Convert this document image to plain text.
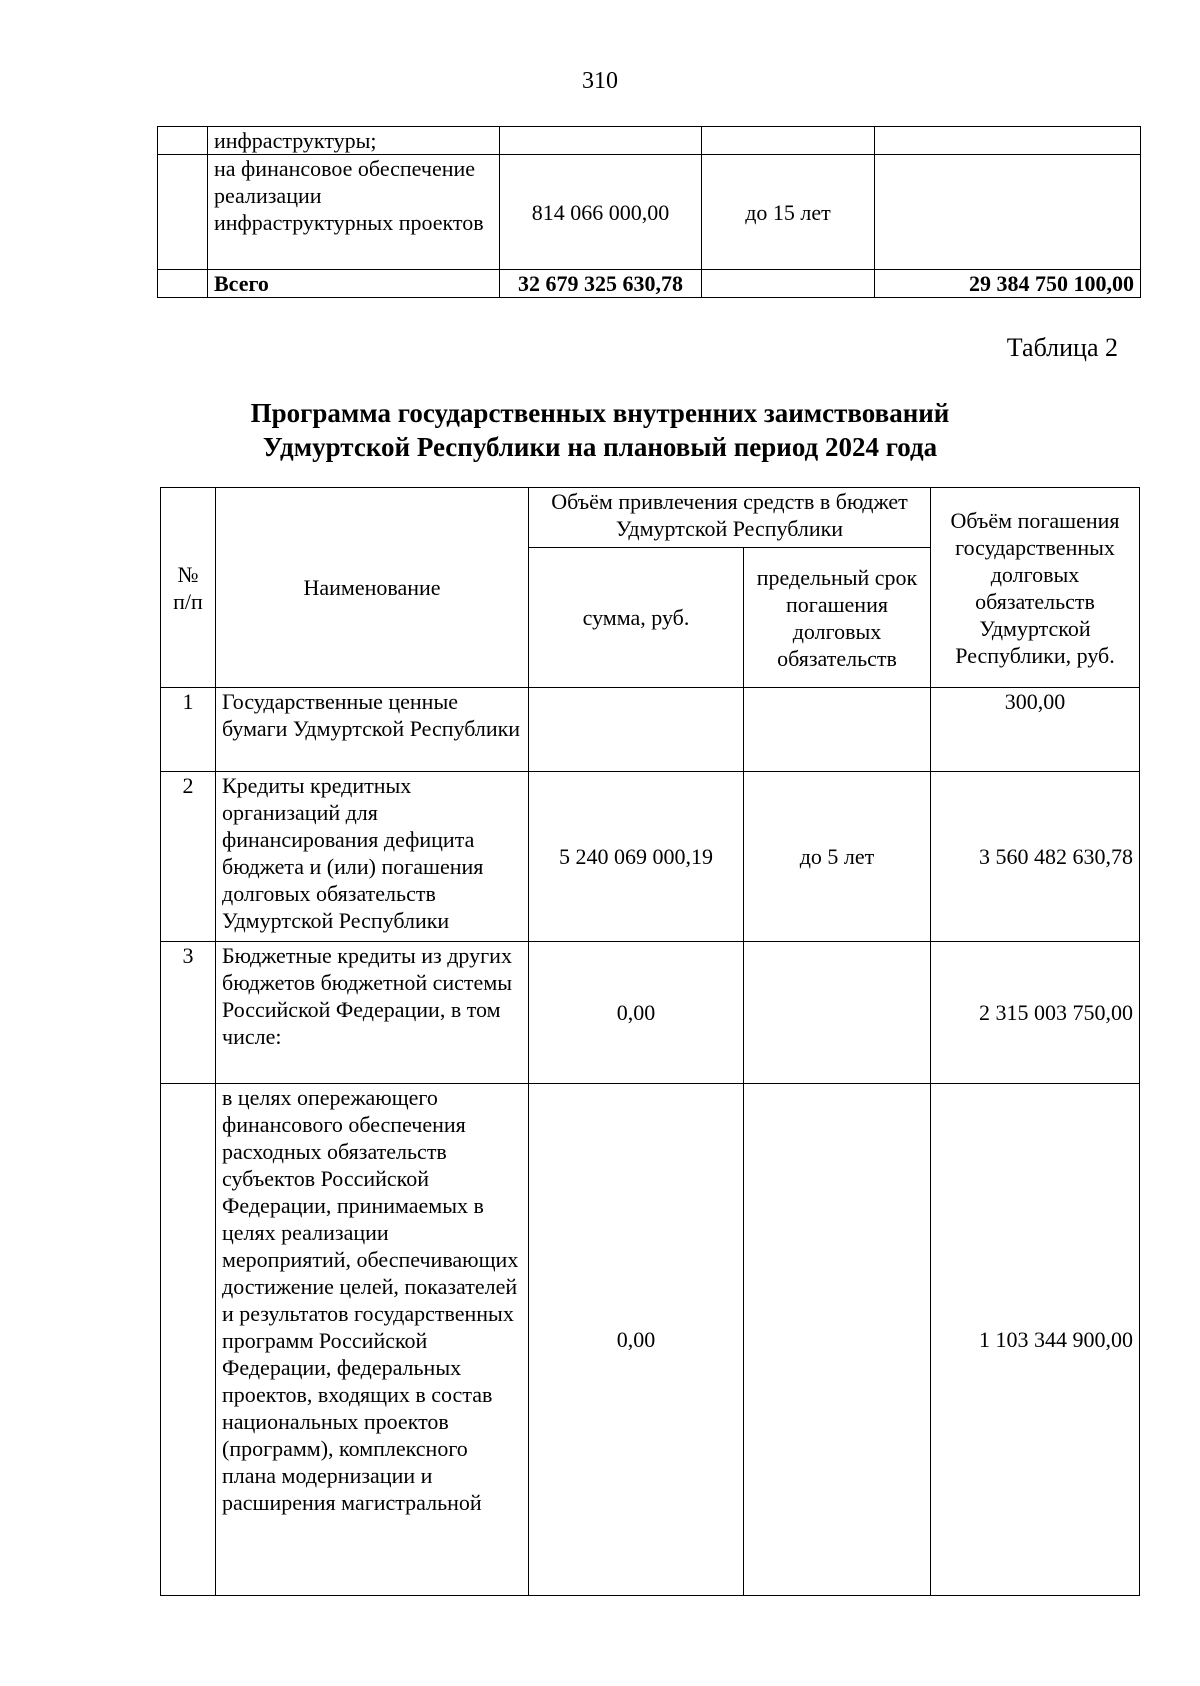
310
	инфраструктуры;			
	на финансовое обеспечение реализации инфраструктурных проектов	814 066 000,00	до 15 лет	
	Всего	32 679 325 630,78		29 384 750 100,00
Таблица 2
Программа государственных внутренних заимствований
Удмуртской Республики на плановый период 2024 года
№ п/п	Наименование	Объём привлечения средств в бюджет Удмуртской Республики		Объём погашения государственных долговых обязательств Удмуртской Республики, руб.
		сумма, руб.	предельный срок погашения долговых обязательств	
1	Государственные ценные бумаги Удмуртской Республики			300,00
2	Кредиты кредитных организаций для финансирования дефицита бюджета и (или) погашения долговых обязательств Удмуртской Республики	5 240 069 000,19	до 5 лет	3 560 482 630,78
3	Бюджетные кредиты из других бюджетов бюджетной системы Российской Федерации, в том числе:	0,00		2 315 003 750,00
	в целях опережающего финансового обеспечения расходных обязательств субъектов Российской Федерации, принимаемых в целях реализации мероприятий, обеспечивающих достижение целей, показателей и результатов государственных программ Российской Федерации, федеральных проектов, входящих в состав национальных проектов (программ), комплексного плана модернизации и расширения магистральной	0,00		1 103 344 900,00
